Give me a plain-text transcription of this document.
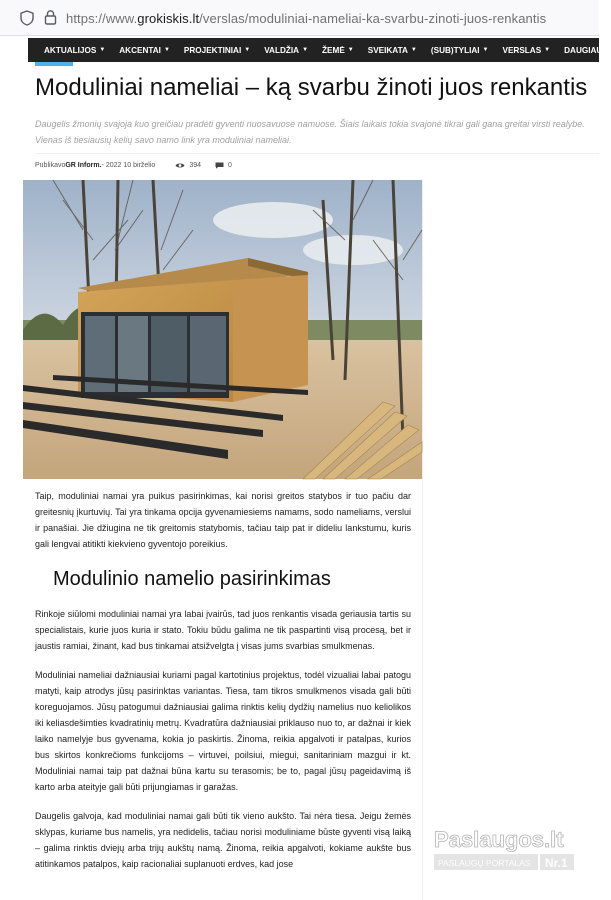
https://www.grokiskis.lt/verslas/moduliniai-nameliai-ka-svarbu-zinoti-juos-renkantis
AKTUALIJOS ▼ AKCENTAI ▼ PROJEKTINIAI ▼ VALDŽIA ▼ ŽEMĖ ▼ SVEIKATA ▼ (SUB)TYLIAI ▼ VERSLAS ▼ DAUGIAU ▼
Moduliniai nameliai – ką svarbu žinoti juos renkantis

Daugelis žmonių svajoja kuo greičiau pradėti gyventi nuosavuose namuose. Šiais laikais tokia svajonė tikrai gali gana greitai virsti realybe. Vienas iš tiesiausių kelių savo namo link yra moduliniai nameliai.

Publikavo GR Inform. - 2022 10 birželio	394	0

Taip, moduliniai namai yra puikus pasirinkimas, kai norisi greitos statybos ir tuo pačiu dar greitesnių įkurtuvių. Tai yra tinkama opcija gyvenamiesiems namams, sodo nameliams, verslui ir panašiai. Jie džiugina ne tik greitomis statybomis, tačiau taip pat ir dideliu lankstumu, kuris gali lengvai atitikti kiekvieno gyventojo poreikius.

Modulinio namelio pasirinkimas

Rinkoje siūlomi moduliniai namai yra labai įvairūs, tad juos renkantis visada geriausia tartis su specialistais, kurie juos kuria ir stato. Tokiu būdu galima ne tik paspartinti visą procesą, bet ir jaustis ramiai, žinant, kad bus tinkamai atsižvelgta į visas jums svarbias smulkmenas.

Moduliniai nameliai dažniausiai kuriami pagal kartotinius projektus, todėl vizualiai labai patogu matyti, kaip atrodys jūsų pasirinktas variantas. Tiesa, tam tikros smulkmenos visada gali būti koreguojamos. Jūsų patogumui dažniausiai galima rinktis kelių dydžių namelius nuo keliolikos iki keliasdešimties kvadratinių metrų. Kvadratūra dažniausiai priklauso nuo to, ar dažnai ir kiek laiko namelyje bus gyvenama, kokia jo paskirtis. Žinoma, reikia apgalvoti ir patalpas, kurios bus skirtos konkrečioms funkcijoms – virtuvei, poilsiui, miegui, sanitariniam mazgui ir kt. Moduliniai namai taip pat dažnai būna kartu su terasomis; be to, pagal jūsų pageidavimą iš karto arba ateityje gali būti prijungiamas ir garažas.

Daugelis galvoja, kad moduliniai namai gali būti tik vieno aukšto. Tai nėra tiesa. Jeigu žemės sklypas, kuriame bus namelis, yra nedidelis, tačiau norisi moduliniame būste gyventi visą laiką – galima rinktis dviejų arba trijų aukštų namą. Žinoma, reikia apgalvoti, kokiame aukšte bus atitinkamos patalpos, kaip racionaliai suplanuoti erdves, kad jose

Paslaugos.lt
PASLAUGŲ PORTALAS Nr.1
